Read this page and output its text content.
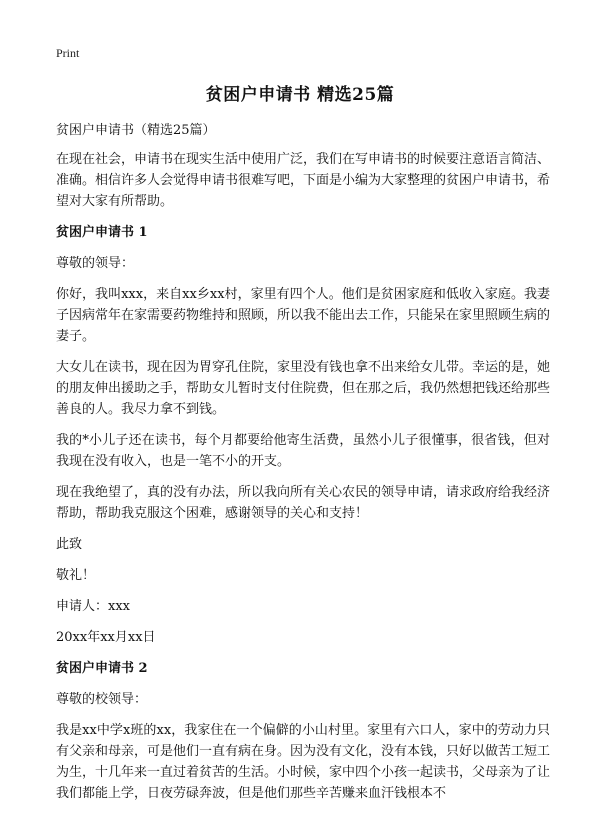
Print
贫困户申请书 精选25篇

贫困户申请书（精选25篇）

在现在社会，申请书在现实生活中使用广泛，我们在写申请书的时候要注意语言简洁、准确。相信许多人会觉得申请书很难写吧，下面是小编为大家整理的贫困户申请书，希望对大家有所帮助。

贫困户申请书 1

尊敬的领导：

你好，我叫xxx，来自xx乡xx村，家里有四个人。他们是贫困家庭和低收入家庭。我妻子因病常年在家需要药物维持和照顾，所以我不能出去工作，只能呆在家里照顾生病的妻子。

大女儿在读书，现在因为胃穿孔住院，家里没有钱也拿不出来给女儿带。幸运的是，她的朋友伸出援助之手，帮助女儿暂时支付住院费，但在那之后，我仍然想把钱还给那些善良的人。我尽力拿不到钱。

我的*小儿子还在读书，每个月都要给他寄生活费，虽然小儿子很懂事，很省钱，但对我现在没有收入，也是一笔不小的开支。

现在我绝望了，真的没有办法，所以我向所有关心农民的领导申请，请求政府给我经济帮助，帮助我克服这个困难，感谢领导的关心和支持！

此致

敬礼！

申请人：xxx

20xx年xx月xx日

贫困户申请书 2

尊敬的校领导：

我是xx中学x班的xx，我家住在一个偏僻的小山村里。家里有六口人，家中的劳动力只有父亲和母亲，可是他们一直有病在身。因为没有文化，没有本钱，只好以做苦工短工为生，十几年来一直过着贫苦的生活。小时候，家中四个小孩一起读书，父母亲为了让我们都能上学，日夜劳碌奔波，但是他们那些辛苦赚来血汗钱根本不
